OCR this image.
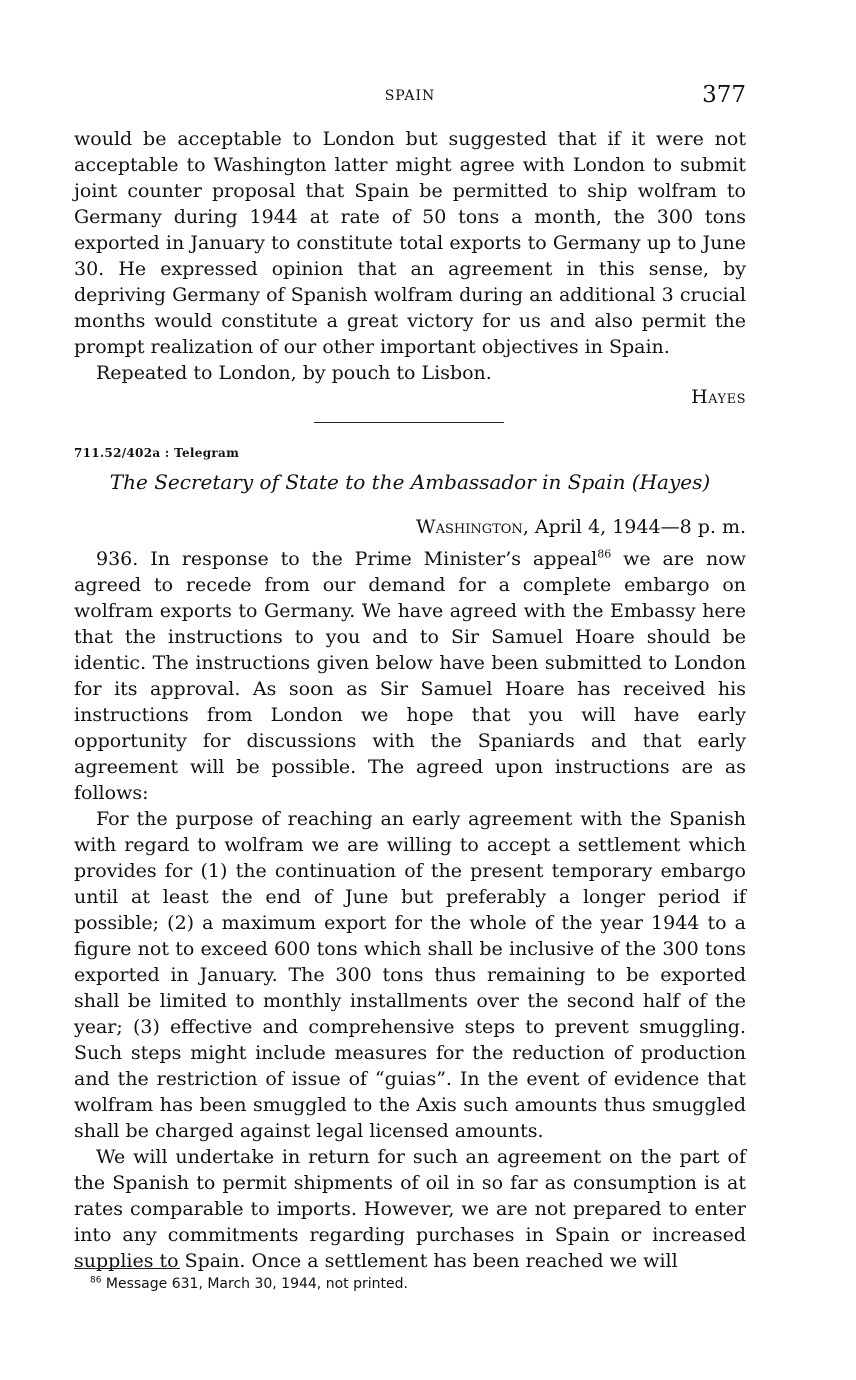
SPAIN	377

would be acceptable to London but suggested that if it were not acceptable to Washington latter might agree with London to submit joint counter proposal that Spain be permitted to ship wolfram to Germany during 1944 at rate of 50 tons a month, the 300 tons exported in January to constitute total exports to Germany up to June 30. He expressed opinion that an agreement in this sense, by depriving Germany of Spanish wolfram during an additional 3 crucial months would constitute a great victory for us and also permit the prompt realization of our other important objectives in Spain.

Repeated to London, by pouch to Lisbon.

Hayes
711.52/402a : Telegram
The Secretary of State to the Ambassador in Spain (Hayes)
Washington, April 4, 1944—8 p. m.

936. In response to the Prime Minister’s appeal$^{86}$ we are now agreed to recede from our demand for a complete embargo on wolfram exports to Germany. We have agreed with the Embassy here that the instructions to you and to Sir Samuel Hoare should be identic. The instructions given below have been submitted to London for its approval. As soon as Sir Samuel Hoare has received his instructions from London we hope that you will have early opportunity for discussions with the Spaniards and that early agreement will be possible. The agreed upon instructions are as follows:

For the purpose of reaching an early agreement with the Spanish with regard to wolfram we are willing to accept a settlement which provides for (1) the continuation of the present temporary embargo until at least the end of June but preferably a longer period if possible; (2) a maximum export for the whole of the year 1944 to a figure not to exceed 600 tons which shall be inclusive of the 300 tons exported in January. The 300 tons thus remaining to be exported shall be limited to monthly installments over the second half of the year; (3) effective and comprehensive steps to prevent smuggling. Such steps might include measures for the reduction of production and the restriction of issue of “guias”. In the event of evidence that wolfram has been smuggled to the Axis such amounts thus smuggled shall be charged against legal licensed amounts.

We will undertake in return for such an agreement on the part of the Spanish to permit shipments of oil in so far as consumption is at rates comparable to imports. However, we are not prepared to enter into any commitments regarding purchases in Spain or increased supplies to Spain. Once a settlement has been reached we will

$^{86}$ Message 631, March 30, 1944, not printed.
